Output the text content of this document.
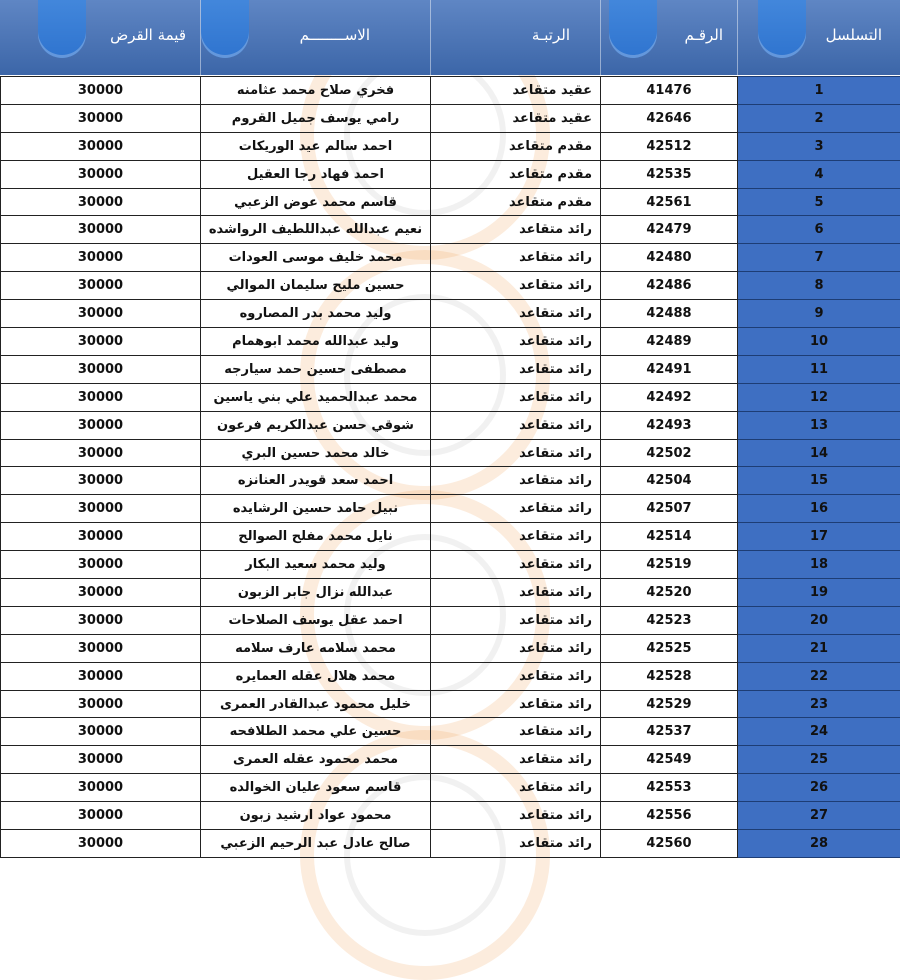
قيمة القرض	الاســــــــم	الرتبـة	الرقـم	التسلسل
30000	فخري صلاح محمد عثامنه	عقيد متقاعد	41476	1
30000	رامي يوسف جميل القروم	عقيد متقاعد	42646	2
30000	احمد سالم عيد الوريكات	مقدم متقاعد	42512	3
30000	احمد فهاد رجا العقيل	مقدم متقاعد	42535	4
30000	قاسم محمد عوض الزعبي	مقدم متقاعد	42561	5
30000	نعيم عبدالله عبداللطيف الرواشده	رائد متقاعد	42479	6
30000	محمد خليف موسى العودات	رائد متقاعد	42480	7
30000	حسين مليح سليمان الموالي	رائد متقاعد	42486	8
30000	وليد محمد بدر المصاروه	رائد متقاعد	42488	9
30000	وليد عبدالله محمد ابوهمام	رائد متقاعد	42489	10
30000	مصطفى حسين حمد سيارجه	رائد متقاعد	42491	11
30000	محمد عبدالحميد علي بني ياسين	رائد متقاعد	42492	12
30000	شوقي حسن عبدالكريم فرعون	رائد متقاعد	42493	13
30000	خالد محمد حسين البري	رائد متقاعد	42502	14
30000	احمد سعد قويدر العنانزه	رائد متقاعد	42504	15
30000	نبيل حامد حسين الرشايده	رائد متقاعد	42507	16
30000	نايل محمد مفلح الصوالح	رائد متقاعد	42514	17
30000	وليد محمد سعيد البكار	رائد متقاعد	42519	18
30000	عبدالله نزال جابر الزبون	رائد متقاعد	42520	19
30000	احمد عقل يوسف الصلاحات	رائد متقاعد	42523	20
30000	محمد سلامه عارف سلامه	رائد متقاعد	42525	21
30000	محمد هلال عقله العمايره	رائد متقاعد	42528	22
30000	خليل محمود عبدالقادر العمرى	رائد متقاعد	42529	23
30000	حسين علي محمد الطلافحه	رائد متقاعد	42537	24
30000	محمد محمود عقله العمرى	رائد متقاعد	42549	25
30000	قاسم سعود عليان الخوالده	رائد متقاعد	42553	26
30000	محمود عواد ارشيد زبون	رائد متقاعد	42556	27
30000	صالح عادل عبد الرحيم الزعبي	رائد متقاعد	42560	28
